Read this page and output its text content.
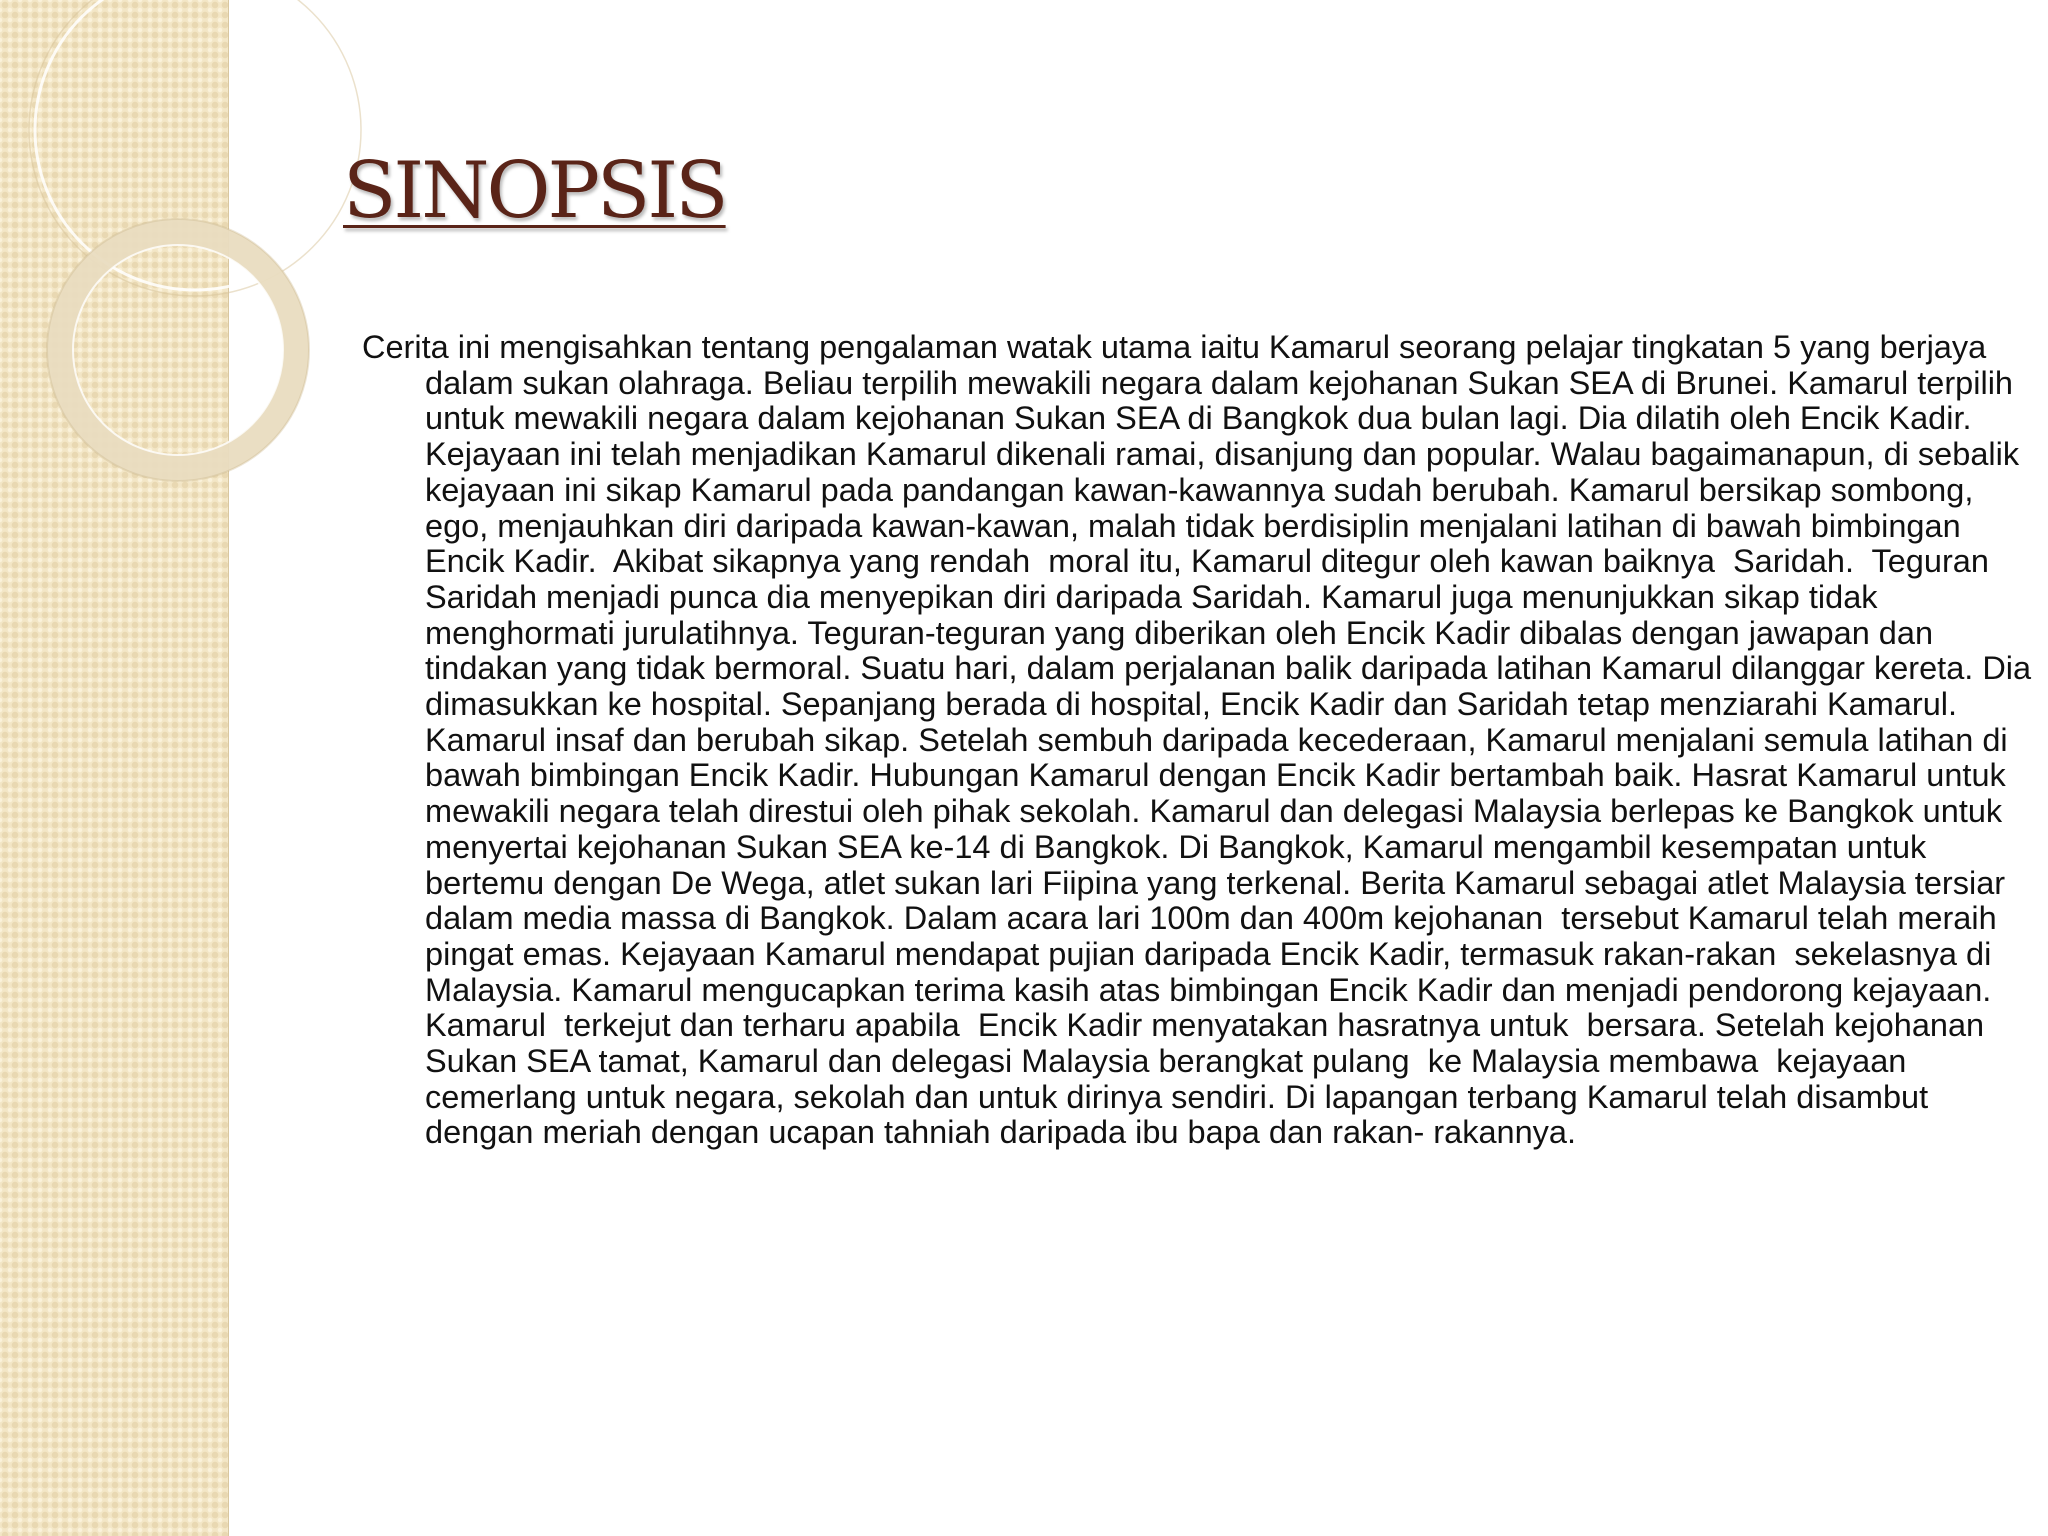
SINOPSIS

Cerita ini mengisahkan tentang pengalaman watak utama iaitu Kamarul seorang pelajar tingkatan 5 yang berjaya dalam sukan olahraga. Beliau terpilih mewakili negara dalam kejohanan Sukan SEA di Brunei. Kamarul terpilih untuk mewakili negara dalam kejohanan Sukan SEA di Bangkok dua bulan lagi. Dia dilatih oleh Encik Kadir. Kejayaan ini telah menjadikan Kamarul dikenali ramai, disanjung dan popular. Walau bagaimanapun, di sebalik kejayaan ini sikap Kamarul pada pandangan kawan-kawannya sudah berubah. Kamarul bersikap sombong, ego, menjauhkan diri daripada kawan-kawan, malah tidak berdisiplin menjalani latihan di bawah bimbingan Encik Kadir.  Akibat sikapnya yang rendah  moral itu, Kamarul ditegur oleh kawan baiknya  Saridah.  Teguran Saridah menjadi punca dia menyepikan diri daripada Saridah. Kamarul juga menunjukkan sikap tidak menghormati jurulatihnya. Teguran-teguran yang diberikan oleh Encik Kadir dibalas dengan jawapan dan tindakan yang tidak bermoral. Suatu hari, dalam perjalanan balik daripada latihan Kamarul dilanggar kereta. Dia dimasukkan ke hospital. Sepanjang berada di hospital, Encik Kadir dan Saridah tetap menziarahi Kamarul. Kamarul insaf dan berubah sikap. Setelah sembuh daripada kecederaan, Kamarul menjalani semula latihan di bawah bimbingan Encik Kadir. Hubungan Kamarul dengan Encik Kadir bertambah baik. Hasrat Kamarul untuk mewakili negara telah direstui oleh pihak sekolah. Kamarul dan delegasi Malaysia berlepas ke Bangkok untuk menyertai kejohanan Sukan SEA ke-14 di Bangkok. Di Bangkok, Kamarul mengambil kesempatan untuk bertemu dengan De Wega, atlet sukan lari Fiipina yang terkenal. Berita Kamarul sebagai atlet Malaysia tersiar dalam media massa di Bangkok. Dalam acara lari 100m dan 400m kejohanan  tersebut Kamarul telah meraih pingat emas. Kejayaan Kamarul mendapat pujian daripada Encik Kadir, termasuk rakan-rakan  sekelasnya di Malaysia. Kamarul mengucapkan terima kasih atas bimbingan Encik Kadir dan menjadi pendorong kejayaan. Kamarul  terkejut dan terharu apabila  Encik Kadir menyatakan hasratnya untuk  bersara. Setelah kejohanan Sukan SEA tamat, Kamarul dan delegasi Malaysia berangkat pulang  ke Malaysia membawa  kejayaan cemerlang untuk negara, sekolah dan untuk dirinya sendiri. Di lapangan terbang Kamarul telah disambut  dengan meriah dengan ucapan tahniah daripada ibu bapa dan rakan- rakannya.
